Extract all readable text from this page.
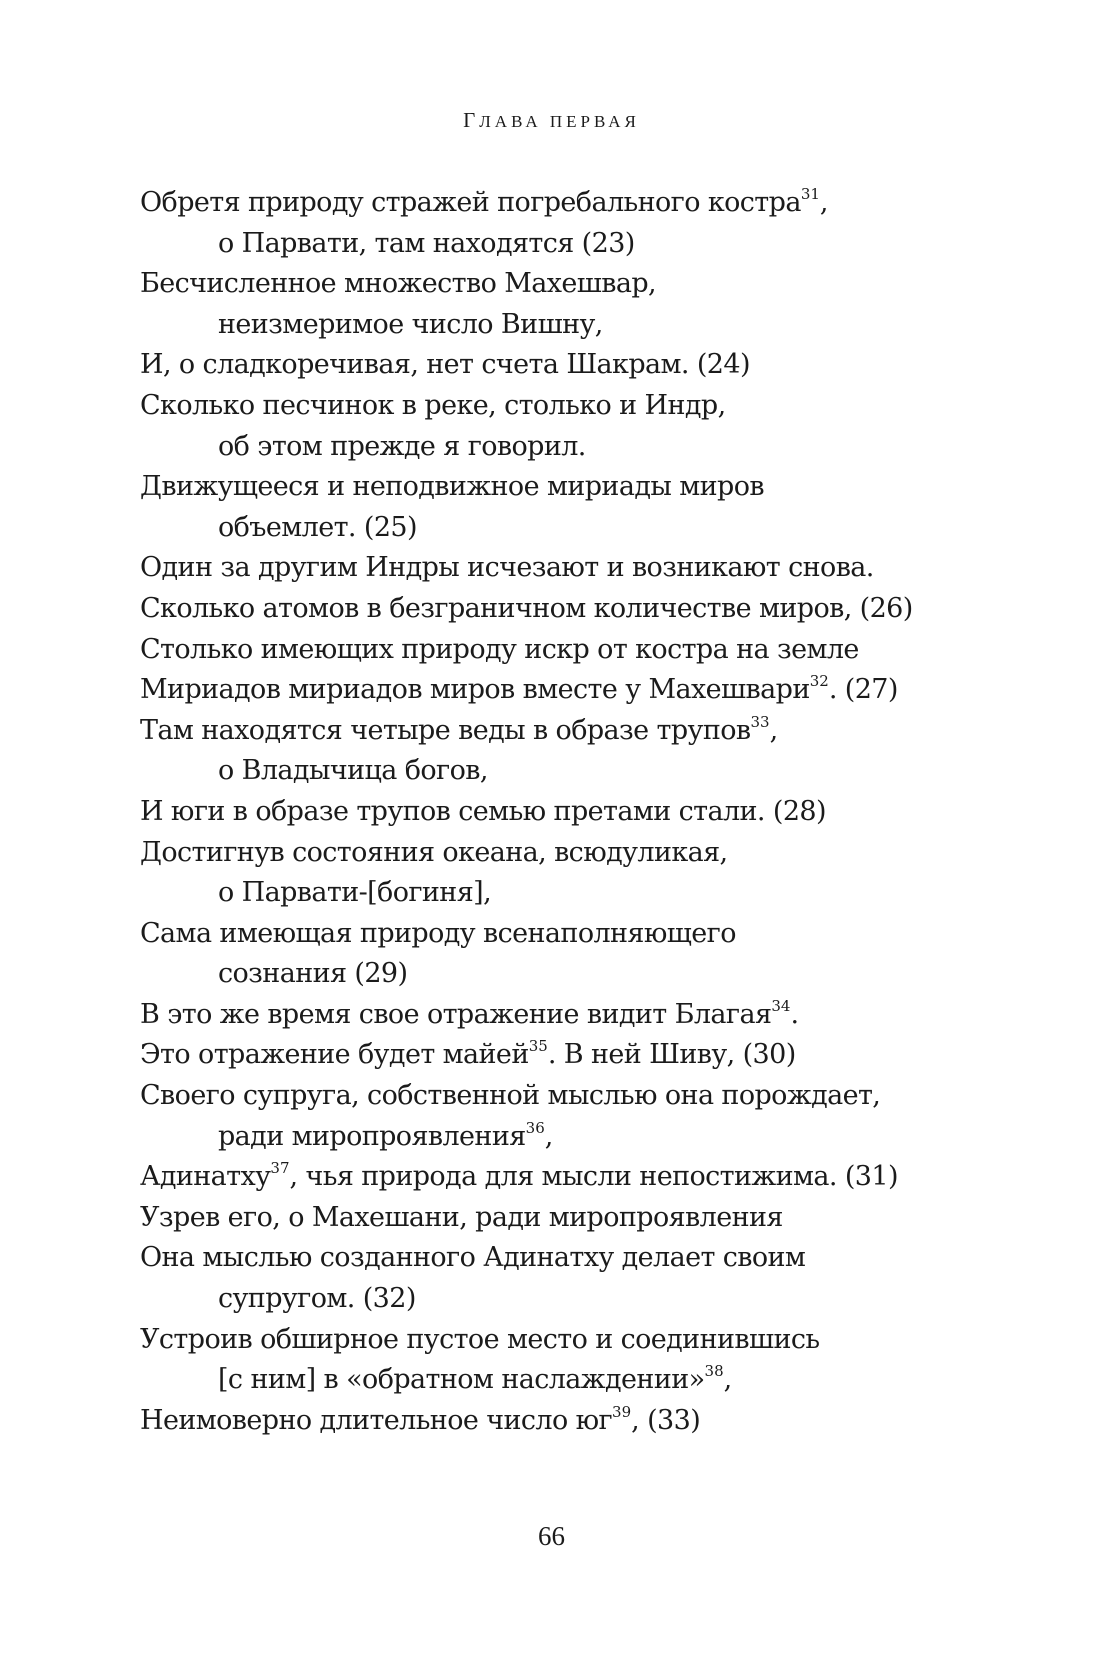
ГЛАВА ПЕРВАЯ
Обретя природу стражей погребального костра$^{31}$,
о Парвати, там находятся (23)
Бесчисленное множество Махешвар,
неизмеримое число Вишну,
И, о сладкоречивая, нет счета Шакрам. (24)
Сколько песчинок в реке, столько и Индр,
об этом прежде я говорил.
Движущееся и неподвижное мириады миров
объемлет. (25)
Один за другим Индры исчезают и возникают снова.
Сколько атомов в безграничном количестве миров, (26)
Столько имеющих природу искр от костра на земле
Мириадов мириадов миров вместе у Махешвари$^{32}$. (27)
Там находятся четыре веды в образе трупов$^{33}$,
о Владычица богов,
И юги в образе трупов семью претами стали. (28)
Достигнув состояния океана, всюдуликая,
о Парвати-[богиня],
Сама имеющая природу всенаполняющего
сознания (29)
В это же время свое отражение видит Благая$^{34}$.
Это отражение будет майей$^{35}$. В ней Шиву, (30)
Своего супруга, собственной мыслью она порождает,
ради миропроявления$^{36}$,
Адинатху$^{37}$, чья природа для мысли непостижима. (31)
Узрев его, о Махешани, ради миропроявления
Она мыслью созданного Адинатху делает своим
супругом. (32)
Устроив обширное пустое место и соединившись
[с ним] в «обратном наслаждении»$^{38}$,
Неимоверно длительное число $юг^{39}$, (33)
66
